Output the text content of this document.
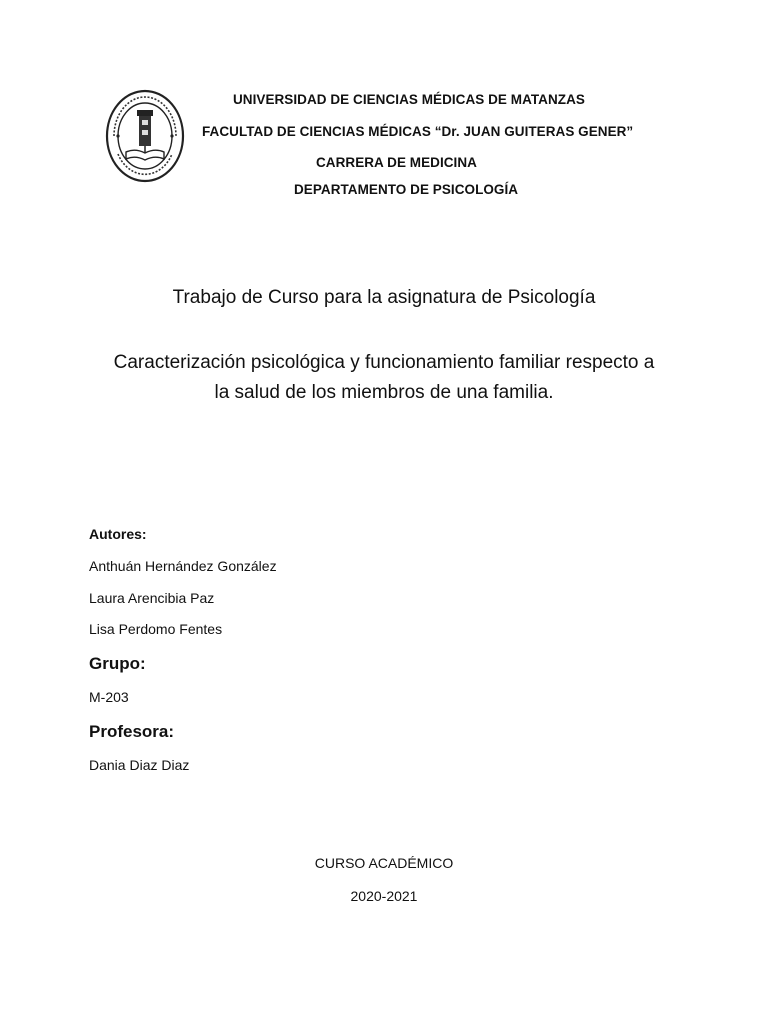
UNIVERSIDAD DE CIENCIAS MÉDICAS DE MATANZAS
FACULTAD DE CIENCIAS MÉDICAS “Dr. JUAN GUITERAS GENER”
CARRERA DE MEDICINA
DEPARTAMENTO DE PSICOLOGÍA
Trabajo de Curso para la asignatura de Psicología
Caracterización psicológica y funcionamiento familiar respecto a
la salud de los miembros de una familia.
Autores:
Anthuán Hernández González
Laura Arencibia Paz
Lisa Perdomo Fentes
Grupo:
M-203
Profesora:
Dania Diaz Diaz
CURSO ACADÉMICO
2020-2021
